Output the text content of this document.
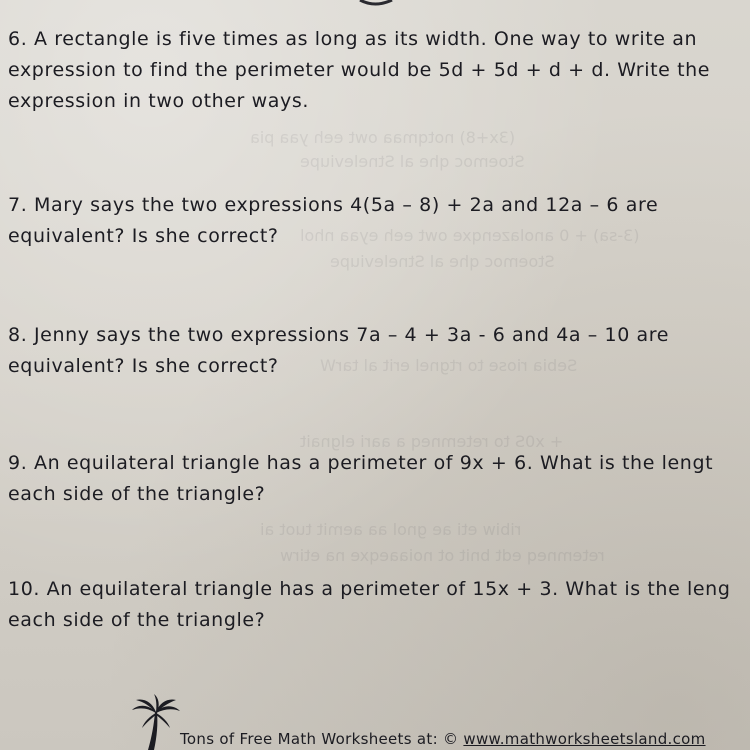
(3x+8) notqmaa owt eeh yaa pia
Stoemoc qhe al Stneleviupe
(3-sa) + 0 anolazenqxe owt eeh eyaa nhol
Stoemoc qhe al Stneleviupe
Sebia riose to rtgnel erit al tarW
+ x0S to retemneq a aari elgnait
ribiw eti ae gnol aa aemit tuot ai
retemneq edt bnit ot noiaaeqxe na etirw

6. A rectangle is five times as long as its width. One way to write an
expression to find the perimeter would be 5d + 5d + d + d. Write the
expression in two other ways.

7. Mary says the two expressions 4(5a – 8) + 2a and 12a – 6 are
equivalent? Is she correct?

8. Jenny says the two expressions 7a – 4 + 3a - 6 and 4a – 10 are
equivalent? Is she correct?

9. An equilateral triangle has a perimeter of 9x + 6. What is the lengt
each side of the triangle?

10. An equilateral triangle has a perimeter of 15x + 3. What is the leng
each side of the triangle?

Tons of Free Math Worksheets at: © www.mathworksheetsland.com
